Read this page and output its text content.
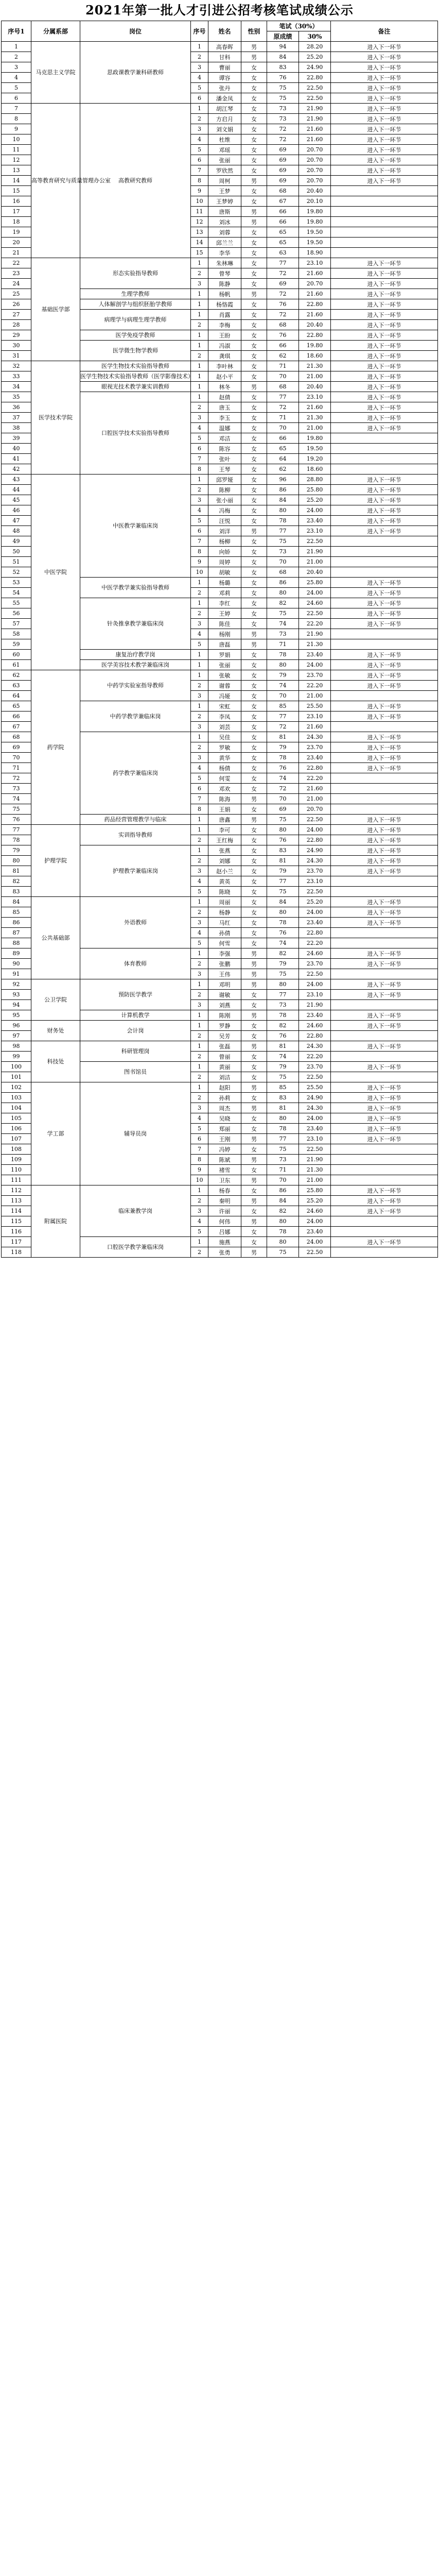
2021年第一批人才引进公招考核笔试成绩公示
序号1	分属系部	岗位	序号	姓名	性别	笔试（30%）		备注
						原成绩	30%	
1	马克思主义学院	思政课教学兼科研教师	1	高春晖	男	94	28.20	进入下一环节
2			2	甘科	男	84	25.20	进入下一环节
3			3	曹丽	女	83	24.90	进入下一环节
4			4	谭容	女	76	22.80	进入下一环节
5			5	张丹	女	75	22.50	进入下一环节
6			6	潘金凤	女	75	22.50	进入下一环节
7	高等教育研究与质量管理办公室	高教研究教师	1	胡江琴	女	73	21.90	进入下一环节
8			2	方启月	女	73	21.90	进入下一环节
9			3	刘文娟	女	72	21.60	进入下一环节
10			4	杜维	女	72	21.60	进入下一环节
11			5	邓瑶	女	69	20.70	进入下一环节
12			6	张丽	女	69	20.70	进入下一环节
13			7	罗欣然	女	69	20.70	进入下一环节
14			8	周柯	男	69	20.70	进入下一环节
15			9	王梦	女	68	20.40	
16			10	王梦婷	女	67	20.10	
17			11	唐斯	男	66	19.80	
18			12	刘冰	男	66	19.80	
19			13	刘蓉	女	65	19.50	
20			14	邱兰兰	女	65	19.50	
21			15	李华	女	63	18.90	
22	基础医学部	形态实验指导教师	1	朱林琳	女	77	23.10	进入下一环节
23			2	曾琴	女	72	21.60	进入下一环节
24			3	陈静	女	69	20.70	进入下一环节
25		生理学教师	1	杨帆	男	72	21.60	进入下一环节
26		人体解剖学与组织胚胎学教师	1	杨恪霞	女	76	22.80	进入下一环节
27		病理学与病理生理学教师	1	肖露	女	72	21.60	进入下一环节
28			2	李梅	女	68	20.40	进入下一环节
29		医学免疫学教师	1	王盼	女	76	22.80	进入下一环节
30		医学微生物学教师	1	冯淑	女	66	19.80	进入下一环节
31			2	龚琪	女	62	18.60	进入下一环节
32	医学技术学院	医学生物技术实验指导教师	1	李叶林	女	71	21.30	进入下一环节
33		医学生物技术实验指导教师（医学影像技术）	1	赵小平	女	70	21.00	进入下一环节
34		眼视光技术教学兼实训教师	1	林冬	男	68	20.40	进入下一环节
35		口腔医学技术实验指导教师	1	赵倩	女	77	23.10	进入下一环节
36			2	唐玉	女	72	21.60	进入下一环节
37			3	李玉	女	71	21.30	进入下一环节
38			4	温娜	女	70	21.00	进入下一环节
39			5	邓洁	女	66	19.80	
40			6	陈容	女	65	19.50	
41			7	张叶	女	64	19.20	
42			8	王琴	女	62	18.60	
43	中医学院	中医教学兼临床岗	1	邱罗娅	女	96	28.80	进入下一环节
44			2	陈柳	女	86	25.80	进入下一环节
45			3	张小丽	女	84	25.20	进入下一环节
46			4	冯梅	女	80	24.00	进入下一环节
47			5	汪悦	女	78	23.40	进入下一环节
48			6	刘洋	男	77	23.10	进入下一环节
49			7	杨柳	女	75	22.50	
50			8	向娇	女	73	21.90	
51			9	周婷	女	70	21.00	
52			10	胡敏	女	68	20.40	
53		中医学教学兼实验指导教师	1	杨璐	女	86	25.80	进入下一环节
54			2	邓莉	女	80	24.00	进入下一环节
55		针灸推拿教学兼临床岗	1	李红	女	82	24.60	进入下一环节
56			2	王婷	女	75	22.50	进入下一环节
57			3	陈佳	女	74	22.20	进入下一环节
58			4	杨刚	男	73	21.90	
59			5	唐磊	男	71	21.30	
60		康复治疗教学岗	1	罗娟	女	78	23.40	进入下一环节
61		医学美容技术教学兼临床岗	1	张丽	女	80	24.00	进入下一环节
62	药学院	中药学实验室指导教师	1	张敏	女	79	23.70	进入下一环节
63			2	谢蓉	女	74	22.20	进入下一环节
64			3	冯娅	女	70	21.00	
65		中药学教学兼临床岗	1	宋虹	女	85	25.50	进入下一环节
66			2	李凤	女	77	23.10	进入下一环节
67			3	刘芸	女	72	21.60	
68		药学教学兼临床岗	1	吴佳	女	81	24.30	进入下一环节
69			2	罗敏	女	79	23.70	进入下一环节
70			3	黄华	女	78	23.40	进入下一环节
71			4	杨倩	女	76	22.80	进入下一环节
72			5	何雯	女	74	22.20	
73			6	邓欢	女	72	21.60	
74			7	陈海	男	70	21.00	
75			8	王娟	女	69	20.70	
76		药品经营管理教学与临床	1	唐鑫	男	75	22.50	进入下一环节
77	护理学院	实训指导教师	1	李可	女	80	24.00	进入下一环节
78			2	王红梅	女	76	22.80	进入下一环节
79		护理教学兼临床岗	1	张燕	女	83	24.90	进入下一环节
80			2	刘娜	女	81	24.30	进入下一环节
81			3	赵小兰	女	79	23.70	进入下一环节
82			4	黄英	女	77	23.10	
83			5	陈晓	女	75	22.50	
84	公共基础部	外语教师	1	周丽	女	84	25.20	进入下一环节
85			2	杨静	女	80	24.00	进入下一环节
86			3	马红	女	78	23.40	进入下一环节
87			4	孙倩	女	76	22.80	
88			5	何雪	女	74	22.20	
89		体育教师	1	李强	男	82	24.60	进入下一环节
90			2	张鹏	男	79	23.70	进入下一环节
91			3	王伟	男	75	22.50	
92	公卫学院	预防医学教学	1	邓明	男	80	24.00	进入下一环节
93			2	谢敏	女	77	23.10	进入下一环节
94			3	刘燕	女	73	21.90	
95		计算机教学	1	陈刚	男	78	23.40	进入下一环节
96	财务处	会计岗	1	罗静	女	82	24.60	进入下一环节
97			2	吴芳	女	76	22.80	
98	科技处	科研管理岗	1	张磊	男	81	24.30	进入下一环节
99			2	曾丽	女	74	22.20	
100		图书馆员	1	黄丽	女	79	23.70	进入下一环节
101			2	刘洁	女	75	22.50	
102	学工部	辅导员岗	1	赵阳	男	85	25.50	进入下一环节
103			2	孙莉	女	83	24.90	进入下一环节
104			3	周杰	男	81	24.30	进入下一环节
105			4	吴晓	女	80	24.00	进入下一环节
106			5	郑丽	女	78	23.40	进入下一环节
107			6	王刚	男	77	23.10	进入下一环节
108			7	冯婷	女	75	22.50	
109			8	陈斌	男	73	21.90	
110			9	褚雪	女	71	21.30	
111			10	卫东	男	70	21.00	
112	附属医院	临床兼教学岗	1	杨春	女	86	25.80	进入下一环节
113			2	秦明	男	84	25.20	进入下一环节
114			3	许丽	女	82	24.60	进入下一环节
115			4	何伟	男	80	24.00	
116			5	吕娜	女	78	23.40	
117		口腔医学教学兼临床岗	1	施燕	女	80	24.00	进入下一环节
118			2	张勇	男	75	22.50	
